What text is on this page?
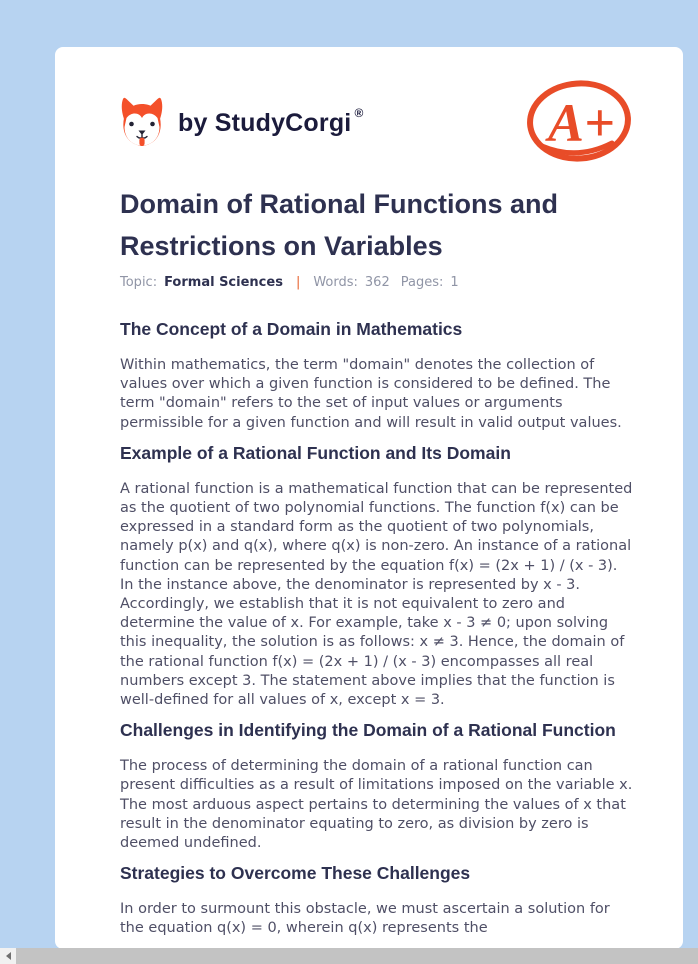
by StudyCorgi ®	A+
Domain of Rational Functions and Restrictions on Variables
Topic: Formal Sciences | Words: 362 Pages: 1
The Concept of a Domain in Mathematics

Within mathematics, the term "domain" denotes the collection of values over which a given function is considered to be defined. The term "domain" refers to the set of input values or arguments permissible for a given function and will result in valid output values.

Example of a Rational Function and Its Domain

A rational function is a mathematical function that can be represented as the quotient of two polynomial functions. The function f(x) can be expressed in a standard form as the quotient of two polynomials, namely p(x) and q(x), where q(x) is non-zero. An instance of a rational function can be represented by the equation f(x) = (2x + 1) / (x - 3). In the instance above, the denominator is represented by x - 3. Accordingly, we establish that it is not equivalent to zero and determine the value of x. For example, take x - 3 ≠ 0; upon solving this inequality, the solution is as follows: x ≠ 3. Hence, the domain of the rational function f(x) = (2x + 1) / (x - 3) encompasses all real numbers except 3. The statement above implies that the function is well-defined for all values of x, except x = 3.

Challenges in Identifying the Domain of a Rational Function

The process of determining the domain of a rational function can present difficulties as a result of limitations imposed on the variable x. The most arduous aspect pertains to determining the values of x that result in the denominator equating to zero, as division by zero is deemed undefined.

Strategies to Overcome These Challenges

In order to surmount this obstacle, we must ascertain a solution for the equation q(x) = 0, wherein q(x) represents the
